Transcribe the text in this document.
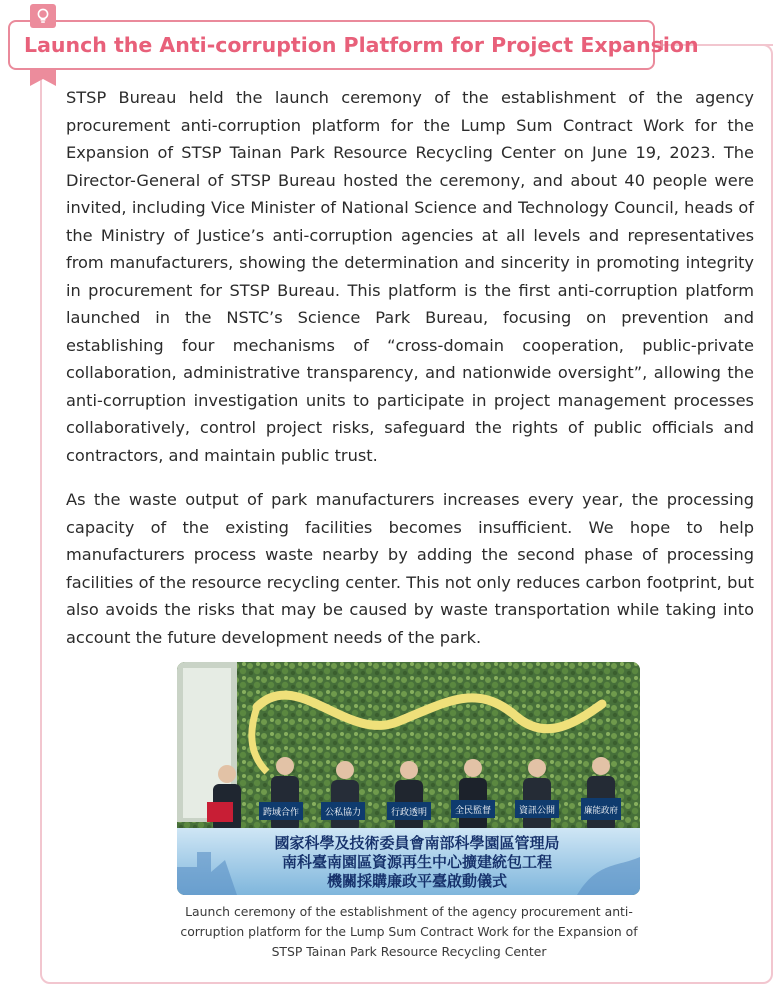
Launch the Anti-corruption Platform for Project Expansion

STSP Bureau held the launch ceremony of the establishment of the agency procurement anti-corruption platform for the Lump Sum Contract Work for the Expansion of STSP Tainan Park Resource Recycling Center on June 19, 2023. The Director-General of STSP Bureau hosted the ceremony, and about 40 people were invited, including Vice Minister of National Science and Technology Council, heads of the Ministry of Justice’s anti-corruption agencies at all levels and representatives from manufacturers, showing the determination and sincerity in promoting integrity in procurement for STSP Bureau. This platform is the first anti-corruption platform launched in the NSTC’s Science Park Bureau, focusing on prevention and establishing four mechanisms of “cross-domain cooperation, public-private collaboration, administrative transparency, and nationwide oversight”, allowing the anti-corruption investigation units to participate in project management processes collaboratively, control project risks, safeguard the rights of public officials and contractors, and maintain public trust.

As the waste output of park manufacturers increases every year, the processing capacity of the existing facilities becomes insufficient. We hope to help manufacturers process waste nearby by adding the second phase of processing facilities of the resource recycling center. This not only reduces carbon footprint, but also avoids the risks that may be caused by waste transportation while taking into account the future development needs of the park.

跨域合作	公私協力	行政透明	全民監督	資訊公開	廉能政府
國家科學及技術委員會南部科學園區管理局
南科臺南園區資源再生中心擴建統包工程
機關採購廉政平臺啟動儀式
Launch ceremony of the establishment of the agency procurement anti-corruption platform for the Lump Sum Contract Work for the Expansion of STSP Tainan Park Resource Recycling Center
